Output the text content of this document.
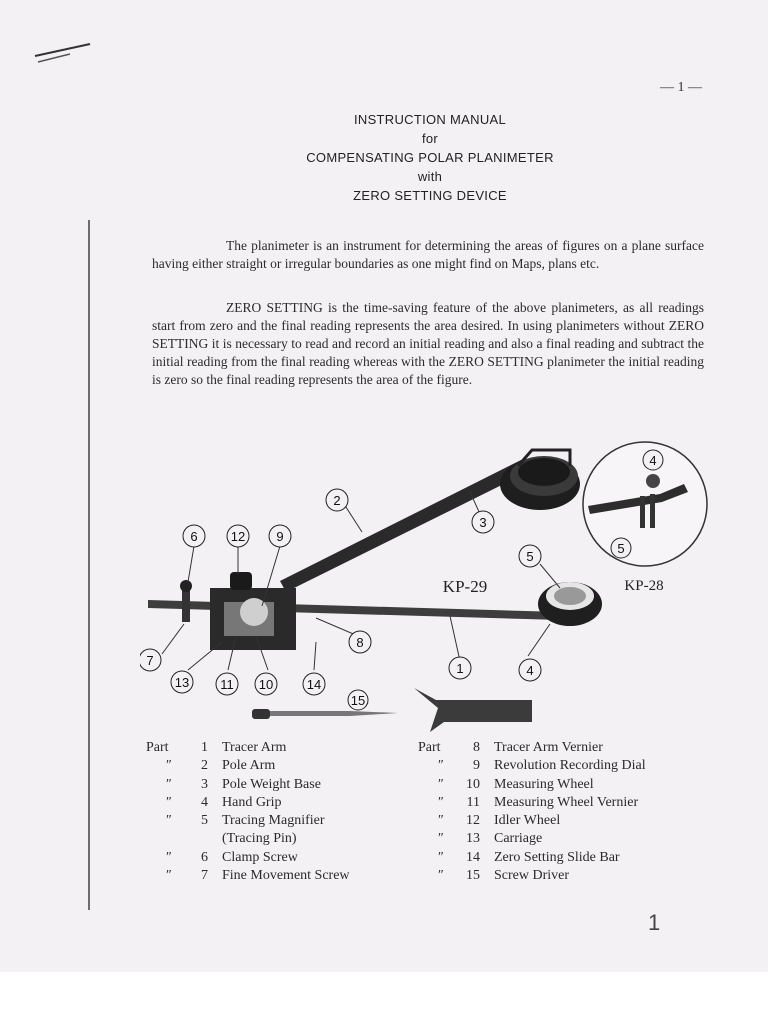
— 1 —
INSTRUCTION MANUAL
for
COMPENSATING POLAR PLANIMETER
with
ZERO SETTING DEVICE
The planimeter is an instrument for determining the areas of figures on a plane surface having either straight or irregular boundaries as one might find on Maps, plans etc.
ZERO SETTING is the time-saving feature of the above planimeters, as all readings start from zero and the final reading represents the area desired. In using planimeters without ZERO SETTING it is necessary to read and record an initial reading and also a final reading and subtract the initial reading from the final reading whereas with the ZERO SETTING planimeter the initial reading is zero so the final reading represents the area of the figure.
2
3
6	12 9
5
7
8
1	4
13 11 10	14
15
4
5
KP-29	KP-28
Part	1 Tracer Arm
″	2 Pole Arm
″	3 Pole Weight Base
″	4 Hand Grip
″	5 Tracing Magnifier
(Tracing Pin)
″	6 Clamp Screw
″	7 Fine Movement Screw
Part	8 Tracer Arm Vernier
″	9 Revolution Recording Dial
″	10 Measuring Wheel
″	11 Measuring Wheel Vernier
″	12 Idler Wheel
″	13 Carriage
″	14 Zero Setting Slide Bar
″	15 Screw Driver
1
